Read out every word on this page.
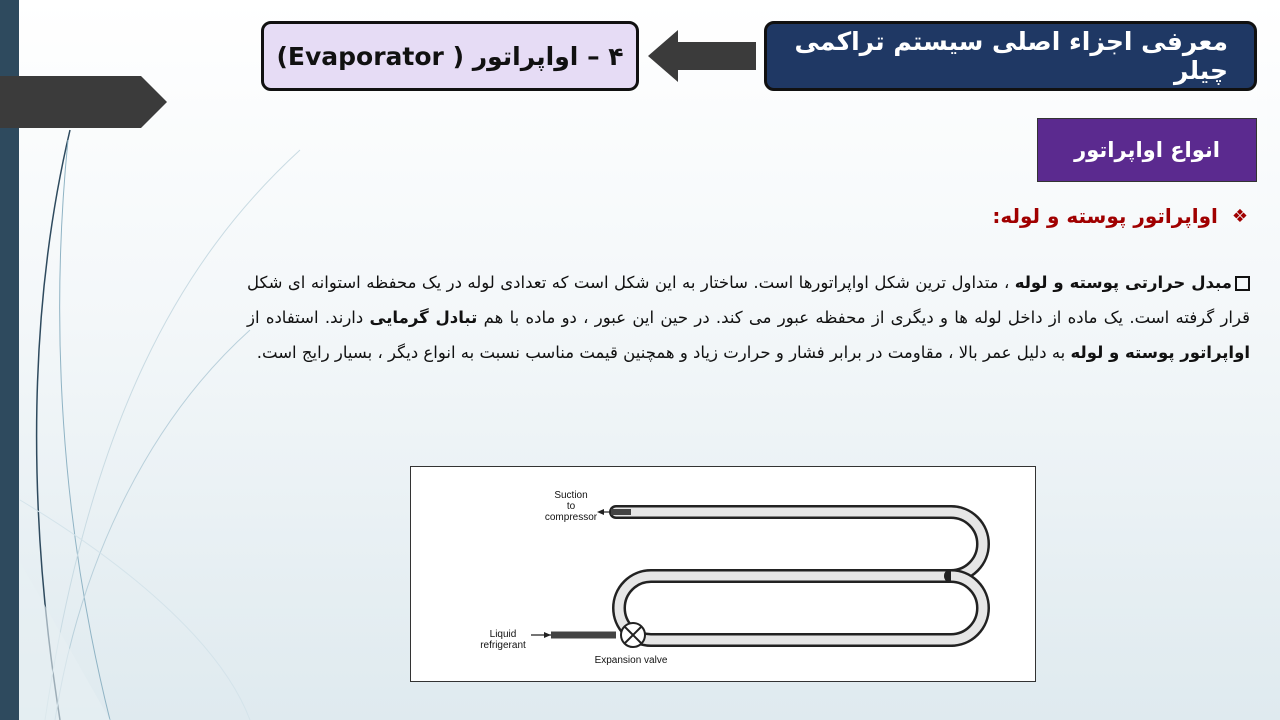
معرفی اجزاء اصلی سیستم تراکمی چیلر
۴ – اواپراتور ( Evaporator)
انواع اواپراتور
❖
اواپراتور پوسته و لوله:
مبدل حرارتی پوسته و لوله ، متداول ترین شکل اواپراتورها است. ساختار به این شکل است که تعدادی لوله در یک محفظه استوانه ای شکل قرار گرفته است. یک ماده از داخل لوله ها و دیگری از محفظه عبور می کند. در حین این عبور ، دو ماده با هم تبادل گرمایی دارند. استفاده از اواپراتور پوسته و لوله به دلیل عمر بالا ، مقاومت در برابر فشار و حرارت زیاد و همچنین قیمت مناسب نسبت به انواع دیگر ، بسیار رایج است.
Suction
to
compressor
Liquid
refrigerant
Expansion valve
